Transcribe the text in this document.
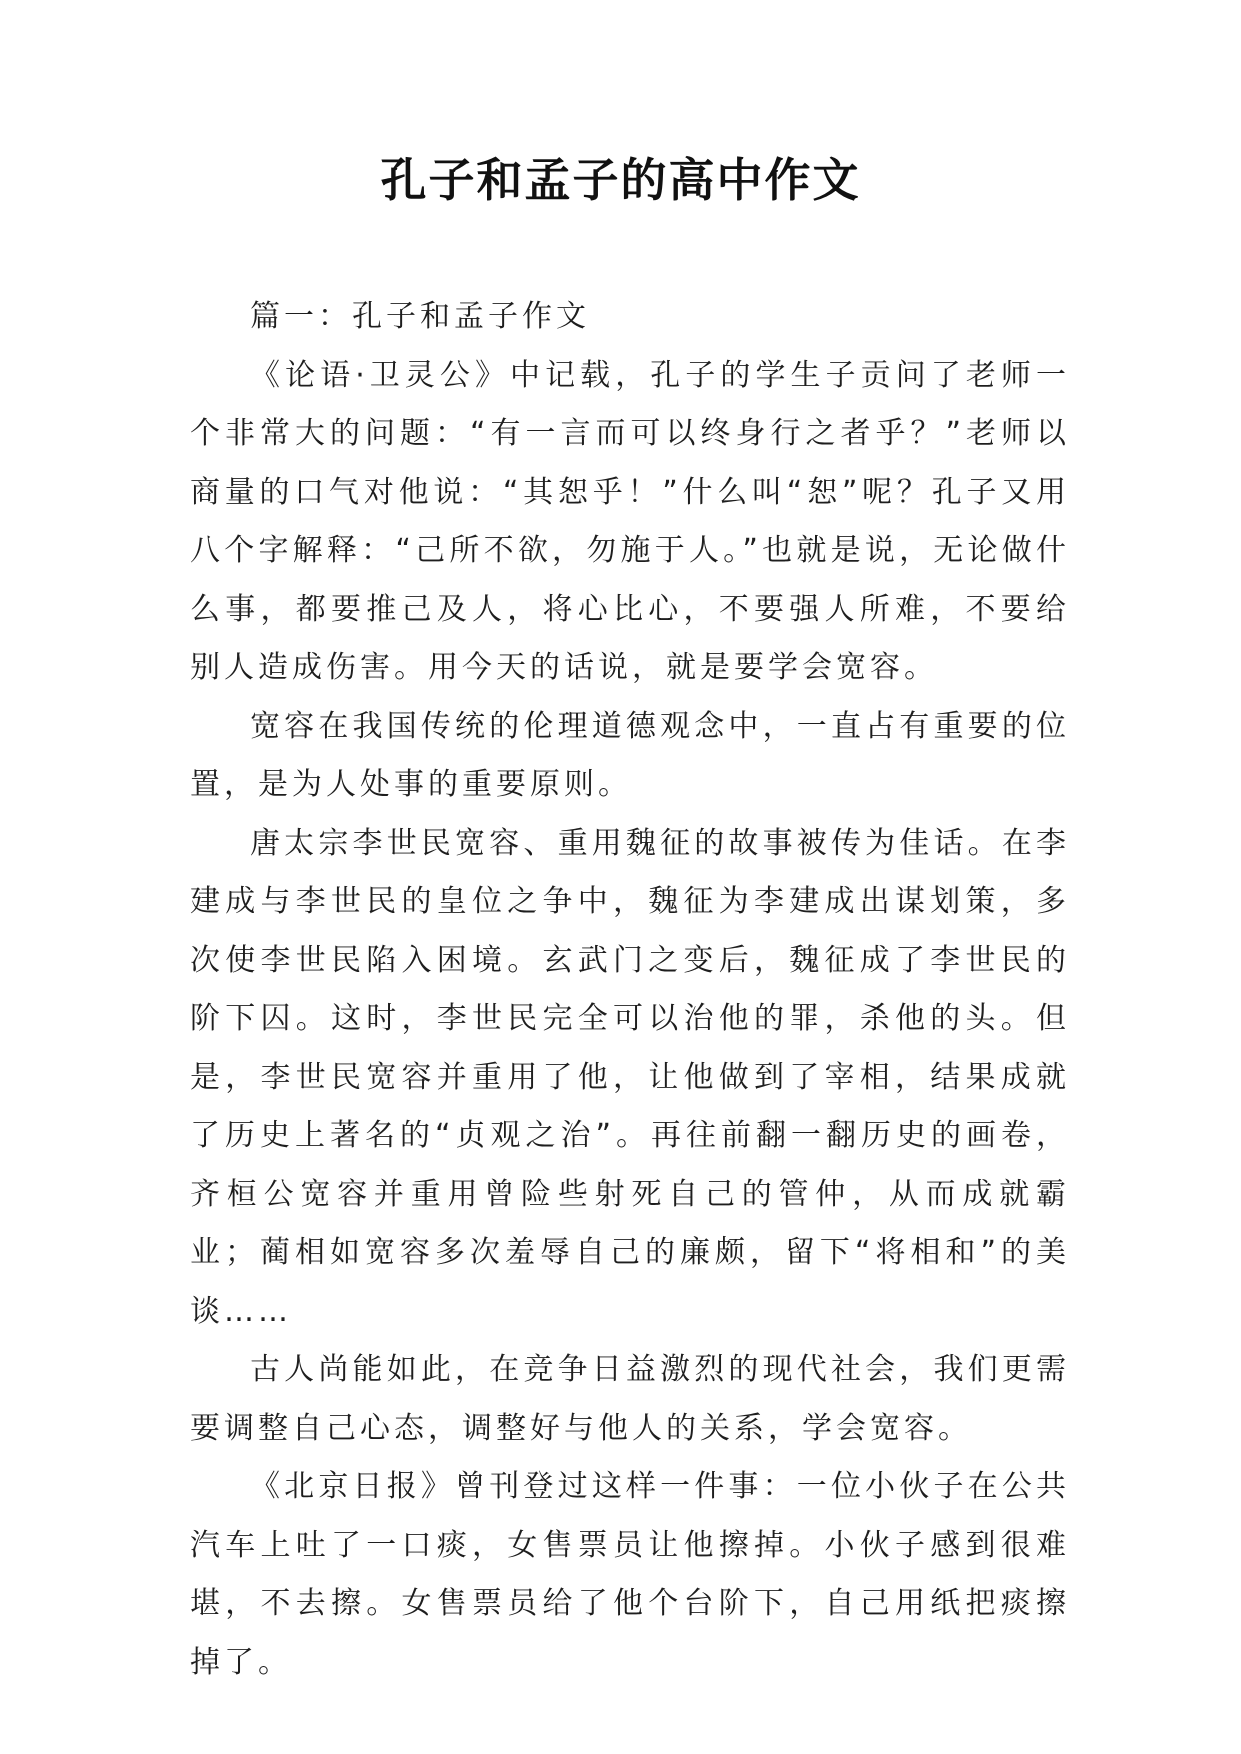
孔子和孟子的高中作文

篇一：孔子和孟子作文

《论语·卫灵公》中记载，孔子的学生子贡问了老师一个非常大的问题：“有一言而可以终身行之者乎？”老师以商量的口气对他说：“其恕乎！”什么叫“恕”呢？孔子又用八个字解释：“己所不欲，勿施于人。”也就是说，无论做什么事，都要推己及人，将心比心，不要强人所难，不要给别人造成伤害。用今天的话说，就是要学会宽容。

宽容在我国传统的伦理道德观念中，一直占有重要的位置，是为人处事的重要原则。

唐太宗李世民宽容、重用魏征的故事被传为佳话。在李建成与李世民的皇位之争中，魏征为李建成出谋划策，多次使李世民陷入困境。玄武门之变后，魏征成了李世民的阶下囚。这时，李世民完全可以治他的罪，杀他的头。但是，李世民宽容并重用了他，让他做到了宰相，结果成就了历史上著名的“贞观之治”。再往前翻一翻历史的画卷，齐桓公宽容并重用曾险些射死自己的管仲，从而成就霸业；蔺相如宽容多次羞辱自己的廉颇，留下“将相和”的美谈……

古人尚能如此，在竞争日益激烈的现代社会，我们更需要调整自己心态，调整好与他人的关系，学会宽容。

《北京日报》曾刊登过这样一件事：一位小伙子在公共汽车上吐了一口痰，女售票员让他擦掉。小伙子感到很难堪，不去擦。女售票员给了他个台阶下，自己用纸把痰擦掉了。
